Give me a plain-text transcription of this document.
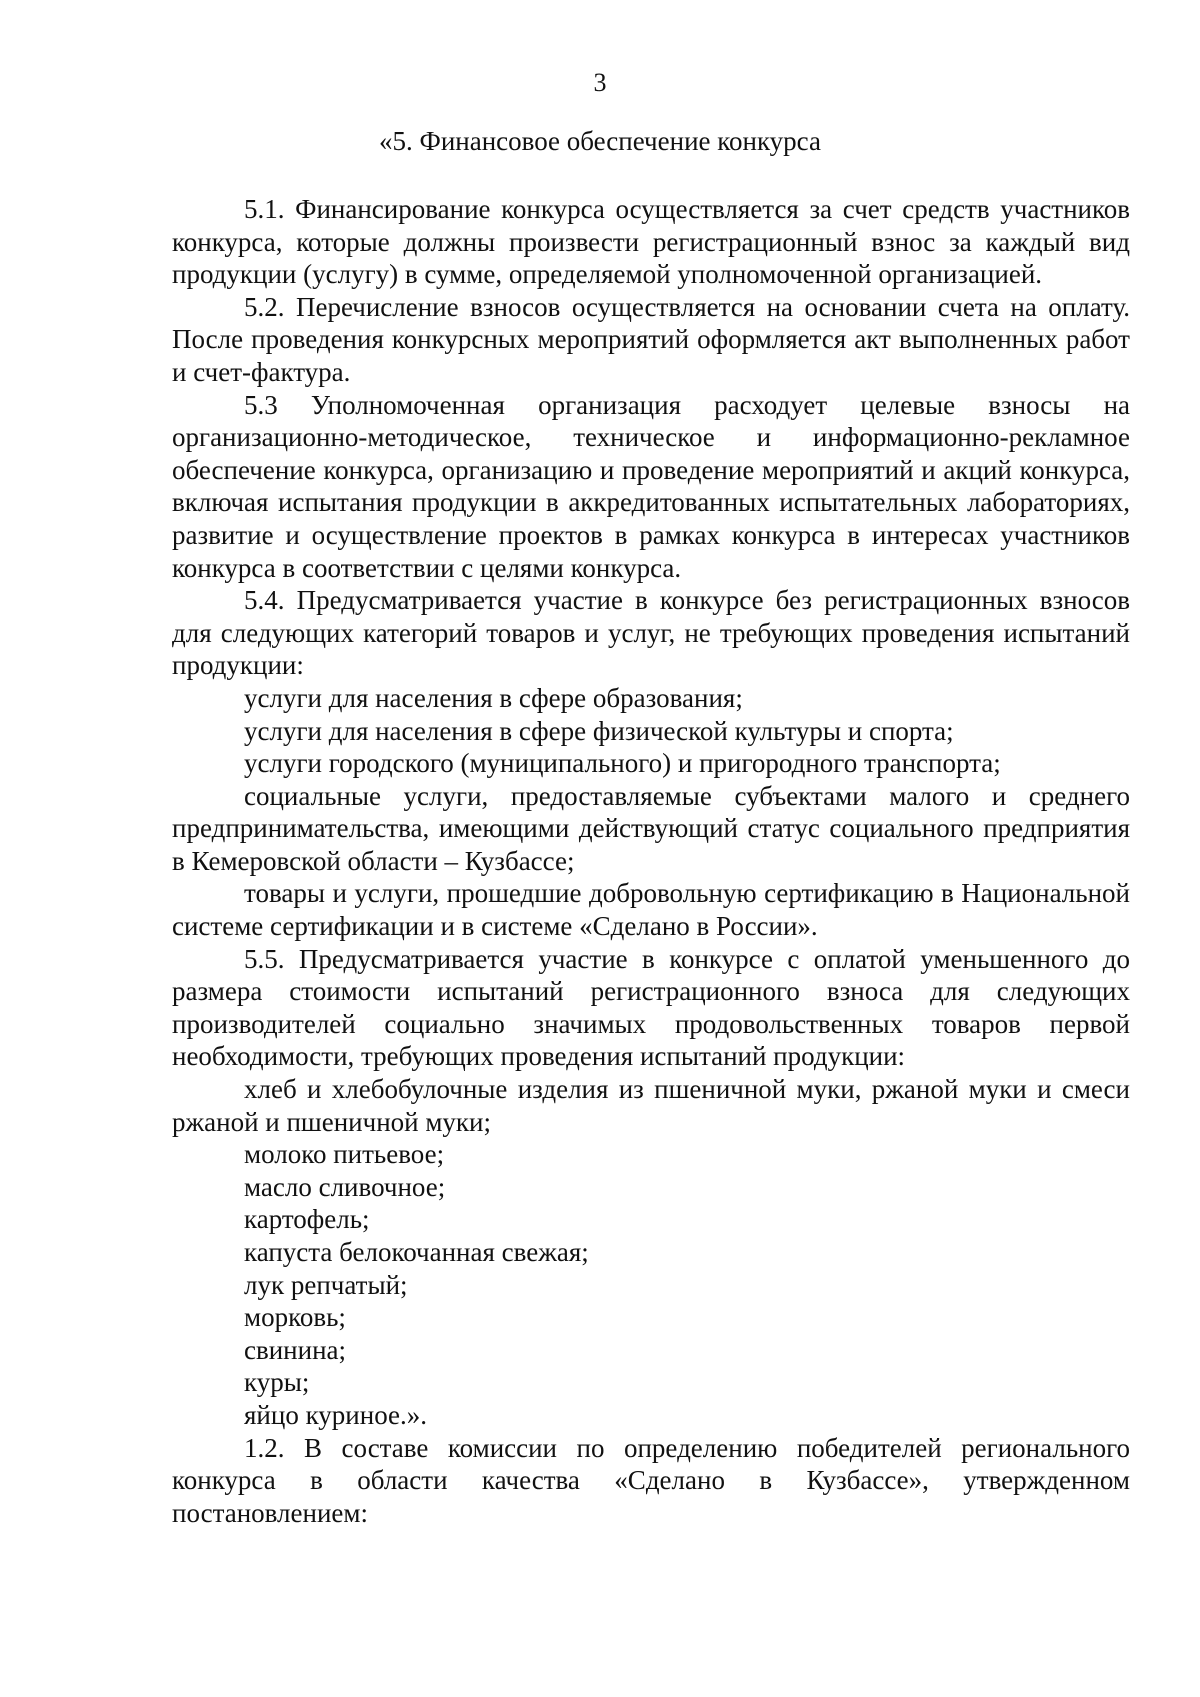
3
«5. Финансовое обеспечение конкурса

5.1. Финансирование конкурса осуществляется за счет средств участников конкурса, которые должны произвести регистрационный взнос за каждый вид продукции (услугу) в сумме, определяемой уполномоченной организацией.

5.2. Перечисление взносов осуществляется на основании счета на оплату. После проведения конкурсных мероприятий оформляется акт выполненных работ и счет-фактура.

5.3 Уполномоченная организация расходует целевые взносы на организационно-методическое, техническое и информационно-рекламное обеспечение конкурса, организацию и проведение мероприятий и акций конкурса, включая испытания продукции в аккредитованных испытательных лабораториях, развитие и осуществление проектов в рамках конкурса в интересах участников конкурса в соответствии с целями конкурса.

5.4. Предусматривается участие в конкурсе без регистрационных взносов для следующих категорий товаров и услуг, не требующих проведения испытаний продукции:

услуги для населения в сфере образования;

услуги для населения в сфере физической культуры и спорта;

услуги городского (муниципального) и пригородного транспорта;

социальные услуги, предоставляемые субъектами малого и среднего предпринимательства, имеющими действующий статус социального предприятия в Кемеровской области – Кузбассе;

товары и услуги, прошедшие добровольную сертификацию в Национальной системе сертификации и в системе «Сделано в России».

5.5. Предусматривается участие в конкурсе с оплатой уменьшенного до размера стоимости испытаний регистрационного взноса для следующих производителей социально значимых продовольственных товаров первой необходимости, требующих проведения испытаний продукции:

хлеб и хлебобулочные изделия из пшеничной муки, ржаной муки и смеси ржаной и пшеничной муки;

молоко питьевое;

масло сливочное;

картофель;

капуста белокочанная свежая;

лук репчатый;

морковь;

свинина;

куры;

яйцо куриное.».

1.2. В составе комиссии по определению победителей регионального конкурса в области качества «Сделано в Кузбассе», утвержденном постановлением:
